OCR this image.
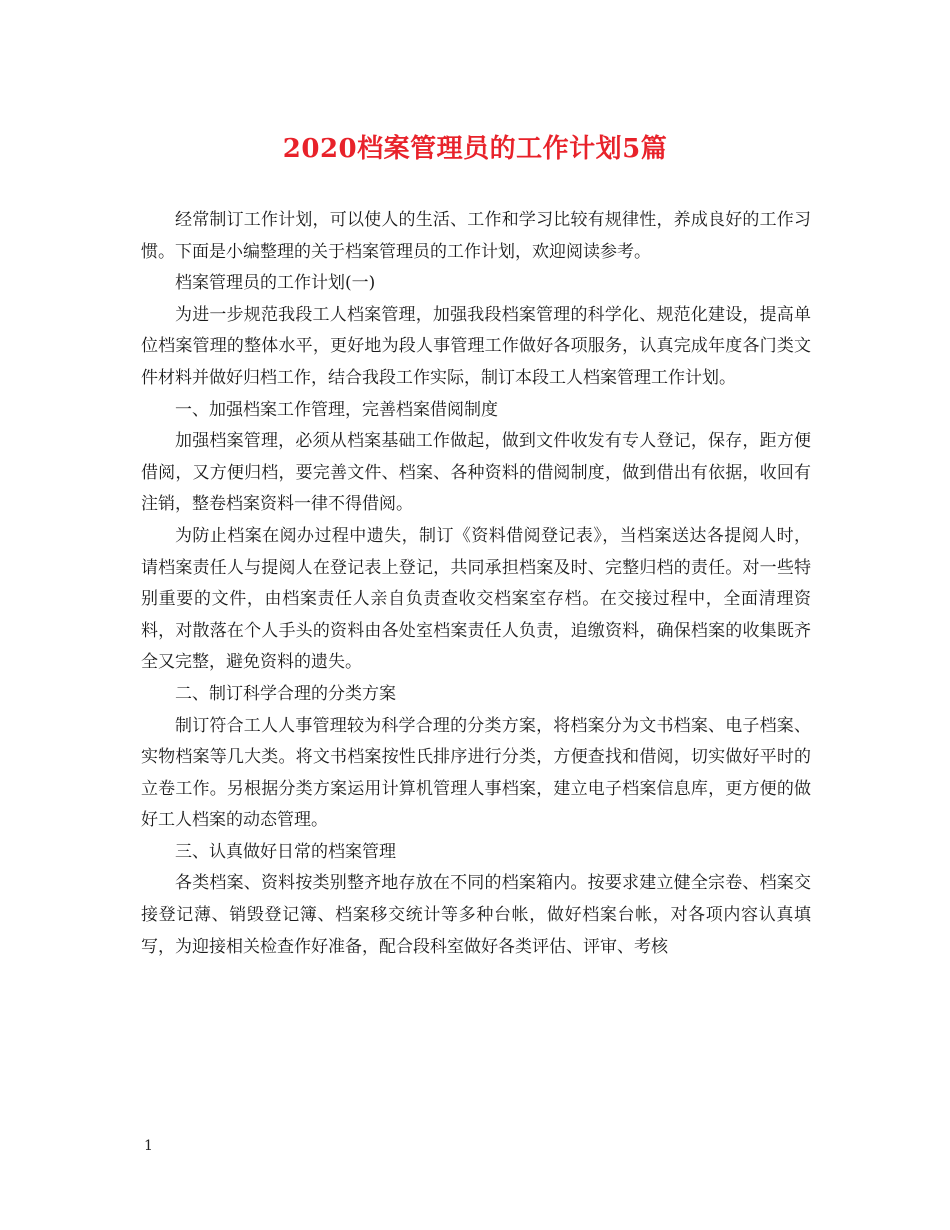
2020档案管理员的工作计划5篇

经常制订工作计划，可以使人的生活、工作和学习比较有规律性，养成良好的工作习惯。下面是小编整理的关于档案管理员的工作计划，欢迎阅读参考。

档案管理员的工作计划(一)

为进一步规范我段工人档案管理，加强我段档案管理的科学化、规范化建设，提高单位档案管理的整体水平，更好地为段人事管理工作做好各项服务，认真完成年度各门类文件材料并做好归档工作，结合我段工作实际，制订本段工人档案管理工作计划。

一、加强档案工作管理，完善档案借阅制度

加强档案管理，必须从档案基础工作做起，做到文件收发有专人登记，保存，距方便借阅，又方便归档，要完善文件、档案、各种资料的借阅制度，做到借出有依据，收回有注销，整卷档案资料一律不得借阅。

为防止档案在阅办过程中遗失，制订《资料借阅登记表》，当档案送达各提阅人时，请档案责任人与提阅人在登记表上登记，共同承担档案及时、完整归档的责任。对一些特别重要的文件，由档案责任人亲自负责查收交档案室存档。在交接过程中，全面清理资料，对散落在个人手头的资料由各处室档案责任人负责，追缴资料，确保档案的收集既齐全又完整，避免资料的遗失。

二、制订科学合理的分类方案

制订符合工人人事管理较为科学合理的分类方案，将档案分为文书档案、电子档案、实物档案等几大类。将文书档案按性氏排序进行分类，方便查找和借阅，切实做好平时的立卷工作。另根据分类方案运用计算机管理人事档案，建立电子档案信息库，更方便的做好工人档案的动态管理。

三、认真做好日常的档案管理

各类档案、资料按类别整齐地存放在不同的档案箱内。按要求建立健全宗卷、档案交接登记薄、销毁登记簿、档案移交统计等多种台帐，做好档案台帐，对各项内容认真填写，为迎接相关检查作好准备，配合段科室做好各类评估、评审、考核

1
